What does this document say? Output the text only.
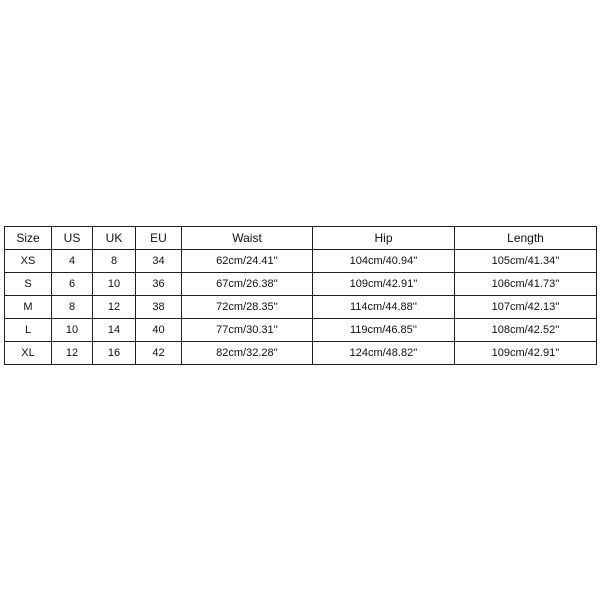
Size	US	UK	EU	Waist	Hip	Length
XS	4	8	34	62cm/24.41''	104cm/40.94''	105cm/41.34''
S	6	10	36	67cm/26.38''	109cm/42.91''	106cm/41.73''
M	8	12	38	72cm/28.35''	114cm/44.88''	107cm/42.13''
L	10	14	40	77cm/30.31''	119cm/46.85''	108cm/42.52''
XL	12	16	42	82cm/32.28''	124cm/48.82''	109cm/42.91''
